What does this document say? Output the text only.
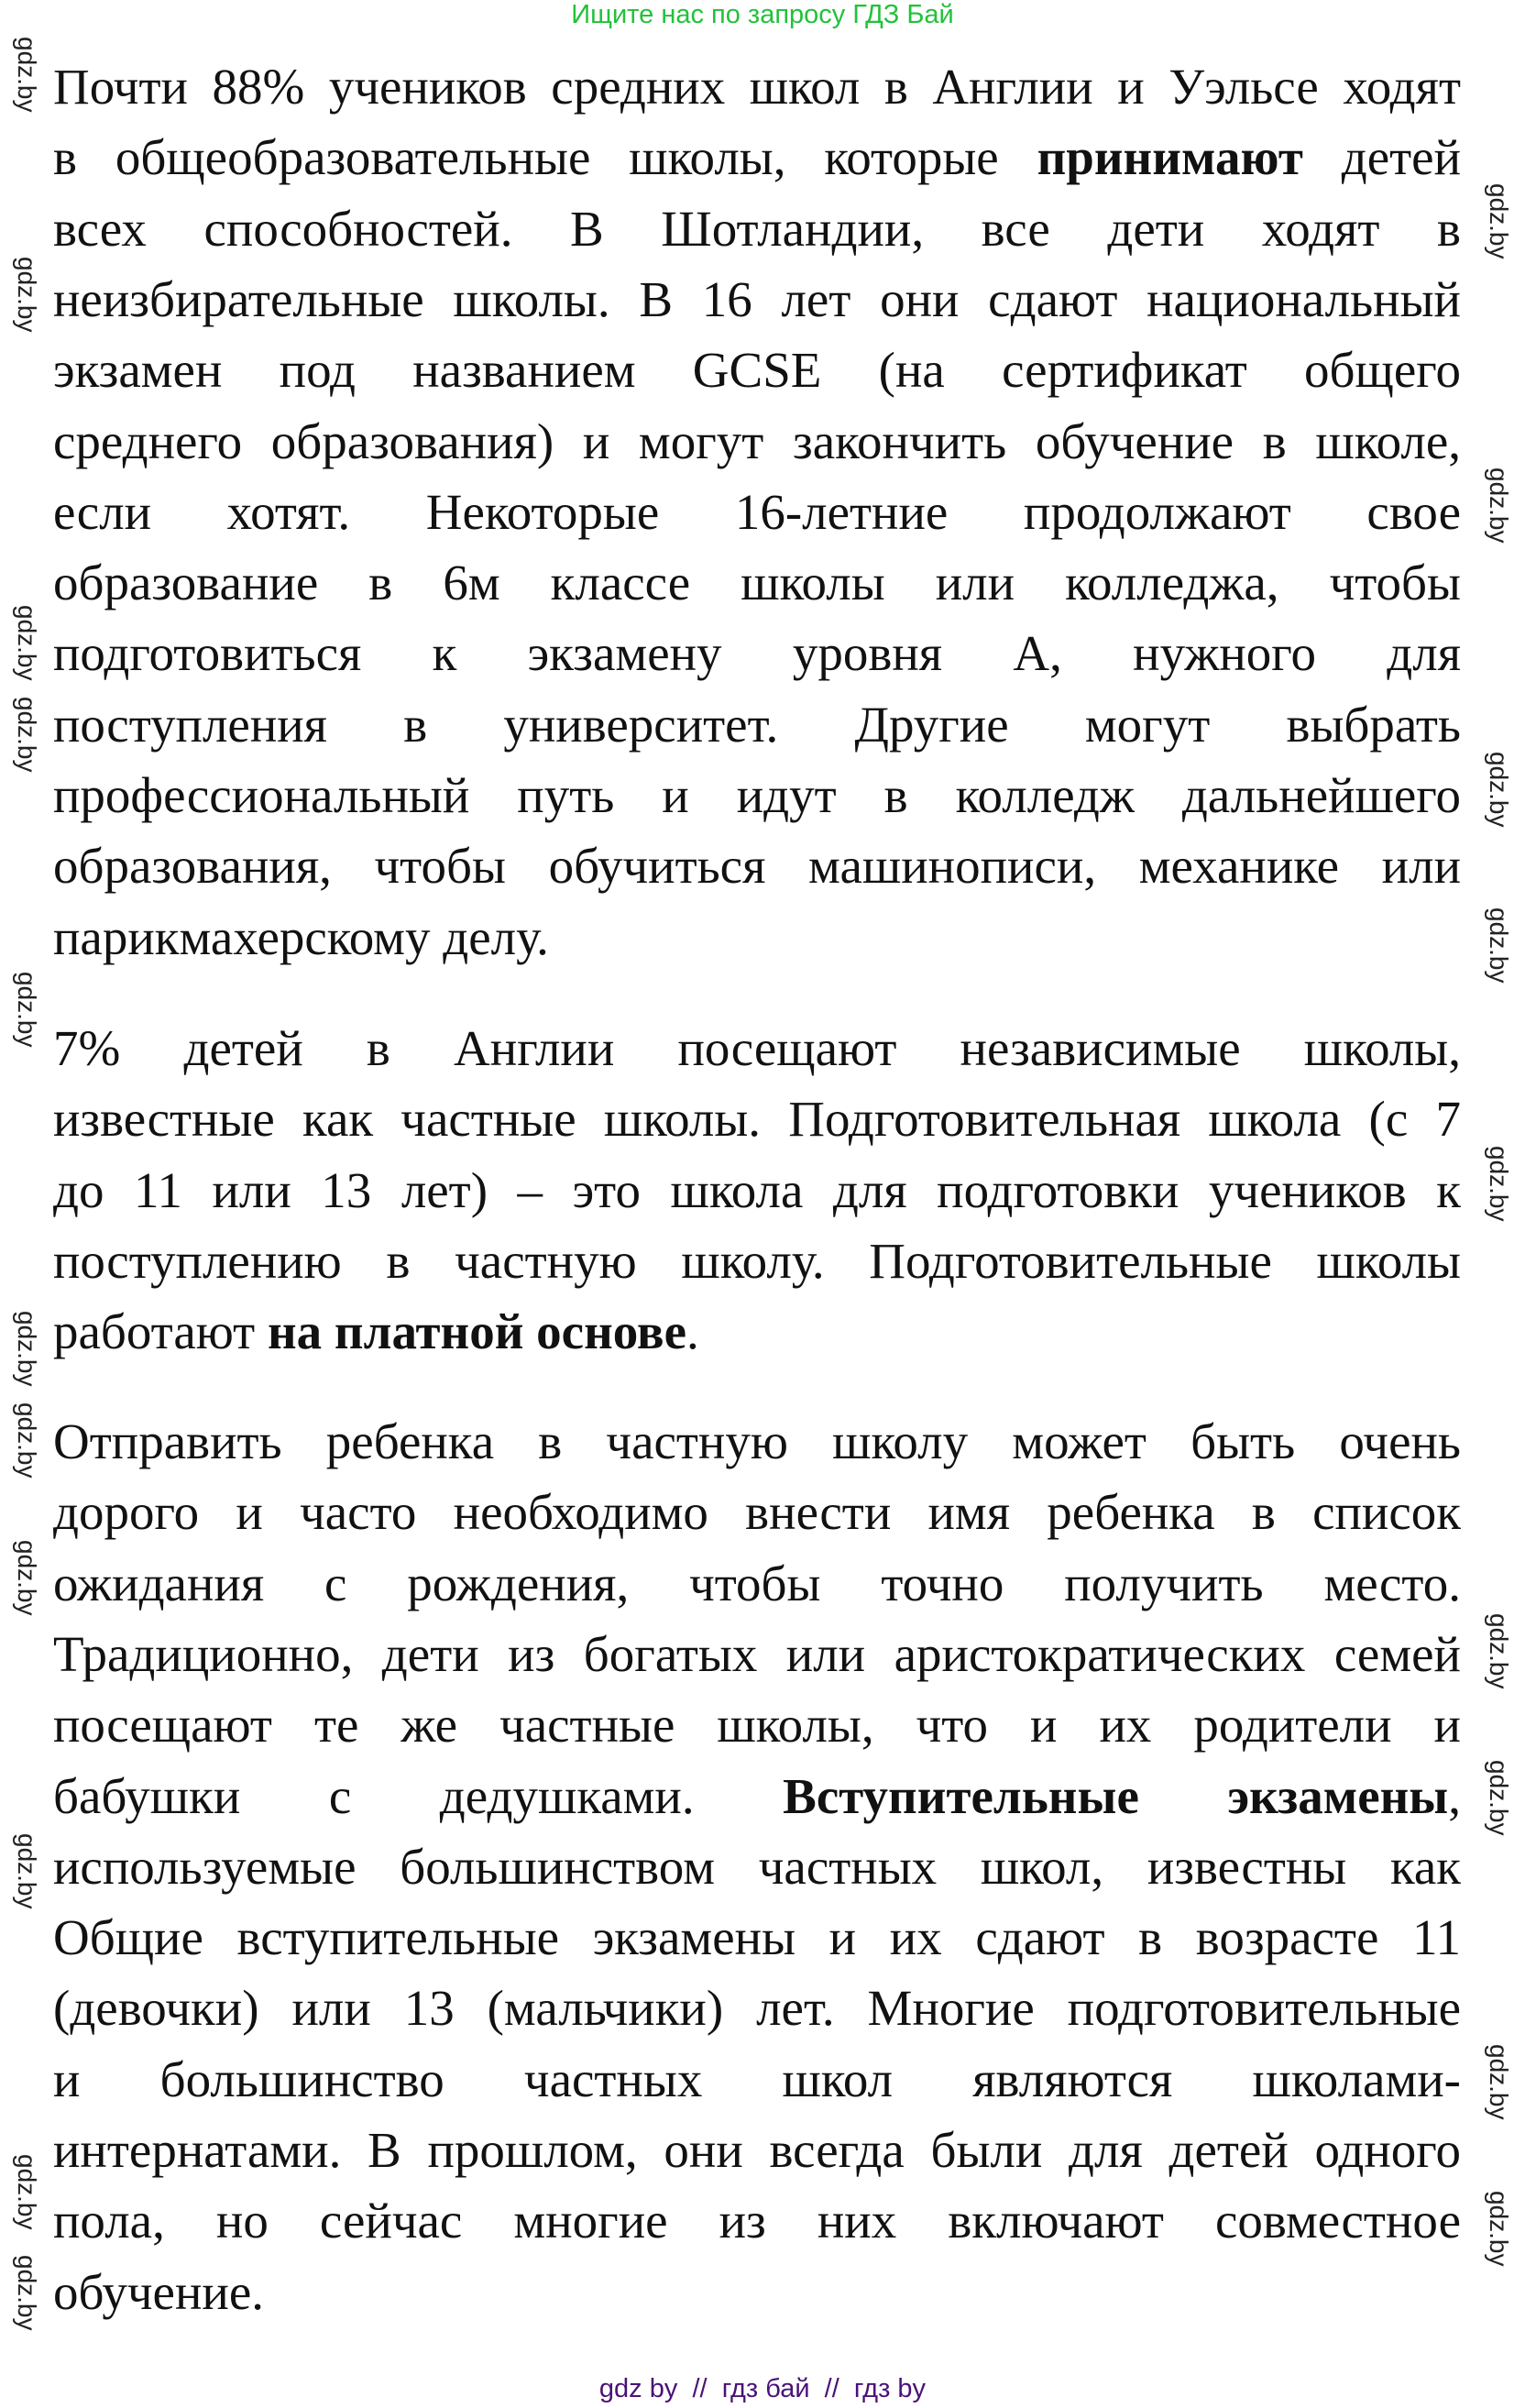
Ищите нас по запросу ГДЗ Бай
Почти 88% учеников средних школ в Англии и Уэльсе ходят
в общеобразовательные школы, которые принимают детей
всех способностей. В Шотландии, все дети ходят в
неизбирательные школы. В 16 лет они сдают национальный
экзамен под названием GCSE (на сертификат общего
среднего образования) и могут закончить обучение в школе,
если хотят. Некоторые 16-летние продолжают свое
образование в 6м классе школы или колледжа, чтобы
подготовиться к экзамену уровня А, нужного для
поступления в университет. Другие могут выбрать
профессиональный путь и идут в колледж дальнейшего
образования, чтобы обучиться машинописи, механике или
парикмахерскому делу.
7% детей в Англии посещают независимые школы,
известные как частные школы. Подготовительная школа (с 7
до 11 или 13 лет) – это школа для подготовки учеников к
поступлению в частную школу. Подготовительные школы
работают на платной основе.
Отправить ребенка в частную школу может быть очень
дорого и часто необходимо внести имя ребенка в список
ожидания с рождения, чтобы точно получить место.
Традиционно, дети из богатых или аристократических семей
посещают те же частные школы, что и их родители и
бабушки с дедушками. Вступительные экзамены,
используемые большинством частных школ, известны как
Общие вступительные экзамены и их сдают в возрасте 11
(девочки) или 13 (мальчики) лет. Многие подготовительные
и большинство частных школ являются школами-
интернатами. В прошлом, они всегда были для детей одного
пола, но сейчас многие из них включают совместное
обучение.
gdz.by
gdz.by
gdz.by
gdz.by
gdz.by
gdz.by
gdz.by
gdz.by
gdz.by
gdz.by
gdz.by
gdz.by
gdz.by
gdz.by
gdz.by
gdz.by
gdz.by
gdz.by
gdz.by
gdz.by
gdz by  //  гдз бай  //  гдз by
